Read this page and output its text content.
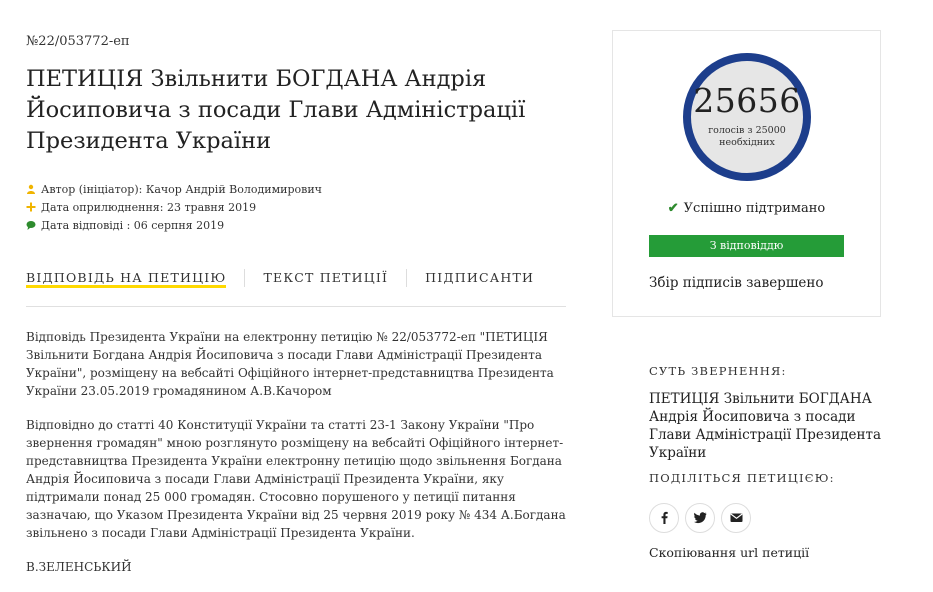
№22/053772-еп
ПЕТИЦІЯ Звільнити БОГДАНА Андрія Йосиповича з посади Глави Адміністрації Президента України
Автор (ініціатор): Качор Андрій Володимирович
Дата оприлюднення: 23 травня 2019
Дата відповіді : 06 серпня 2019
ВІДПОВІДЬ НА ПЕТИЦІЮ	ТЕКСТ ПЕТИЦІЇ	ПІДПИСАНТИ

Відповідь Президента України на електронну петицію № 22/053772-еп "ПЕТИЦІЯ Звільнити Богдана Андрія Йосиповича з посади Глави Адміністрації Президента України", розміщену на вебсайті Офіційного інтернет-представництва Президента України 23.05.2019 громадянином А.В.Качором

Відповідно до статті 40 Конституції України та статті 23-1 Закону України "Про звернення громадян" мною розглянуто розміщену на вебсайті Офіційного інтернет-представництва Президента України електронну петицію щодо звільнення Богдана Андрія Йосиповича з посади Глави Адміністрації Президента України, яку підтримали понад 25 000 громадян. Стосовно порушеного у петиції питання зазначаю, що Указом Президента України від 25 червня 2019 року № 434 А.Богдана звільнено з посади Глави Адміністрації Президента України.

В.ЗЕЛЕНСЬКИЙ
25656
голосів з 25000 необхідних
✔ Успішно підтримано
З відповіддю
Збір підписів завершено
СУТЬ ЗВЕРНЕННЯ:
ПЕТИЦІЯ Звільнити БОГДАНА Андрія Йосиповича з посади Глави Адміністрації Президента України
ПОДІЛІТЬСЯ ПЕТИЦІЄЮ:
Скопіювання url петиції
